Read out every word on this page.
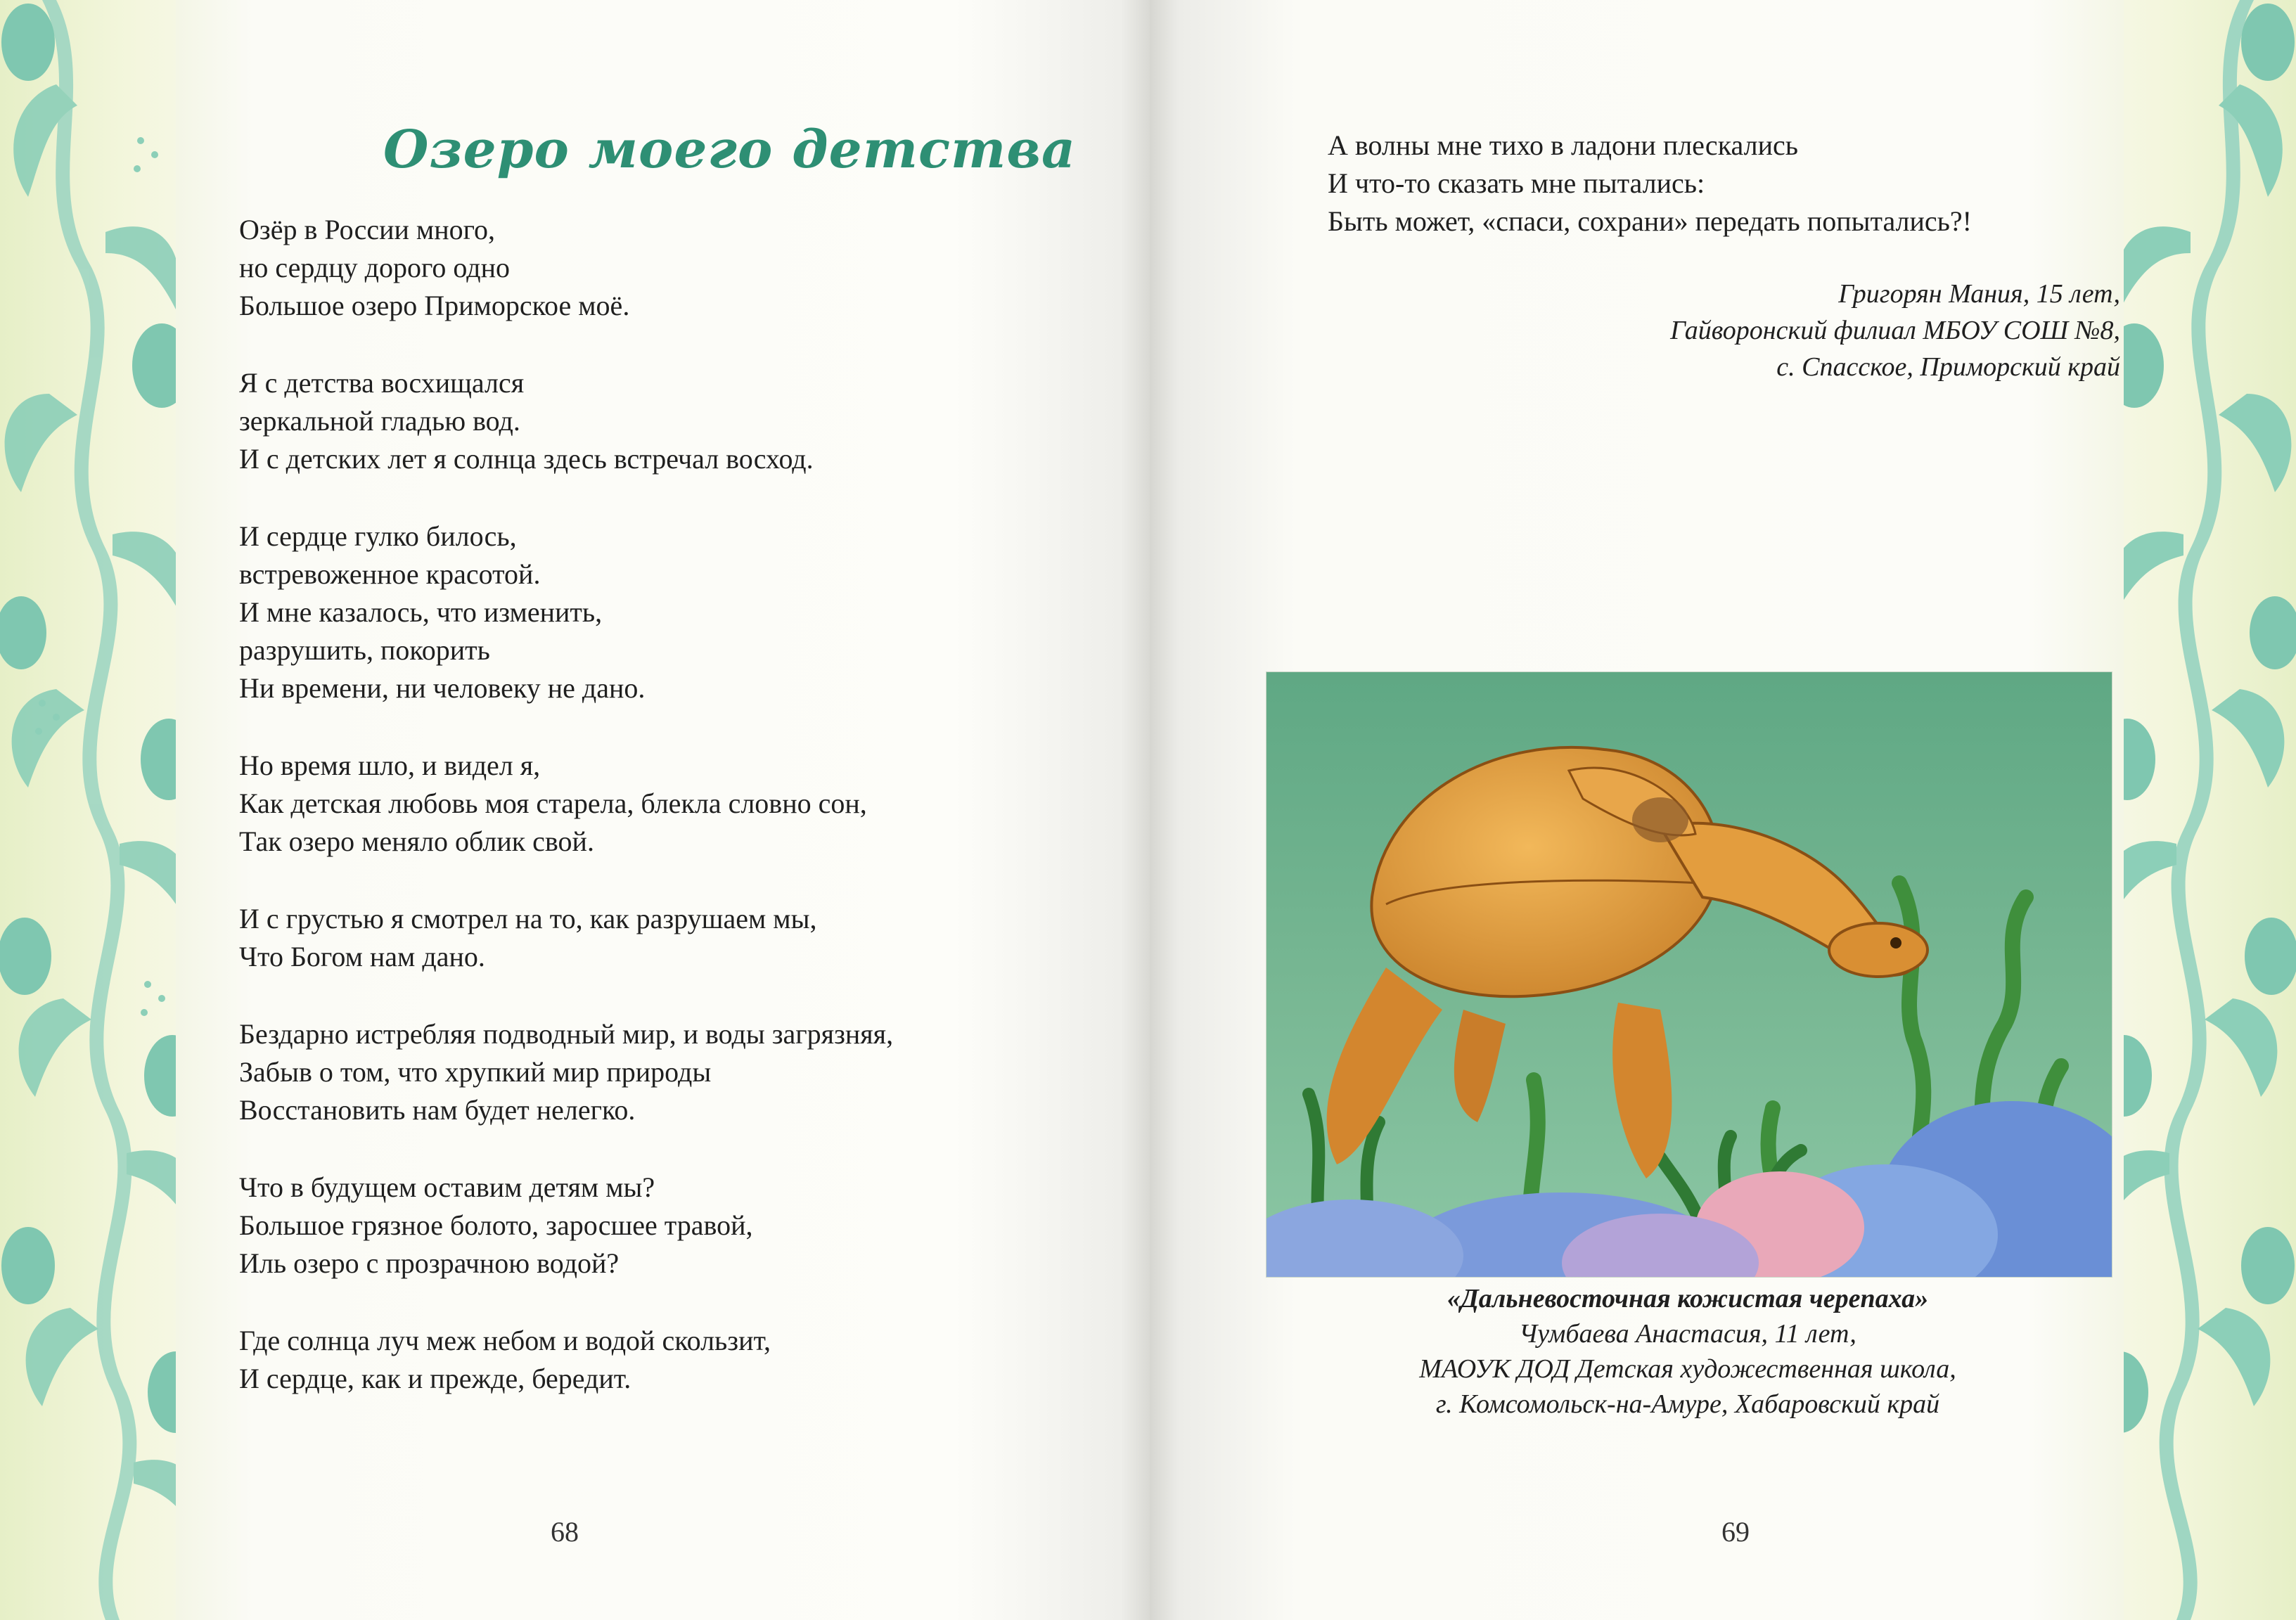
Озеро моего детства
Озёр в России много,
но сердцу дорого одно
Большое озеро Приморское моё.
Я с детства восхищался
зеркальной гладью вод.
И с детских лет я солнца здесь встречал восход.
И сердце гулко билось,
встревоженное красотой.
И мне казалось, что изменить,
разрушить, покорить
Ни времени, ни человеку не дано.
Но время шло, и видел я,
Как детская любовь моя старела, блекла словно сон,
Так озеро меняло облик свой.
И с грустью я смотрел на то, как разрушаем мы,
Что Богом нам дано.
Бездарно истребляя подводный мир, и воды загрязняя,
Забыв о том, что хрупкий мир природы
Восстановить нам будет нелегко.
Что в будущем оставим детям мы?
Большое грязное болото, заросшее травой,
Иль озеро с прозрачною водой?
Где солнца луч меж небом и водой скользит,
И сердце, как и прежде, бередит.
68
А волны мне тихо в ладони плескались
И что-то сказать мне пытались:
Быть может, «спаси, сохрани» передать попытались?!
Григорян Мания, 15 лет,
Гайворонский филиал МБОУ СОШ №8,
с. Спасское, Приморский край
«Дальневосточная кожистая черепаха»
Чумбаева Анастасия, 11 лет,
МАОУК ДОД Детская художественная школа,
г. Комсомольск-на-Амуре, Хабаровский край
69
